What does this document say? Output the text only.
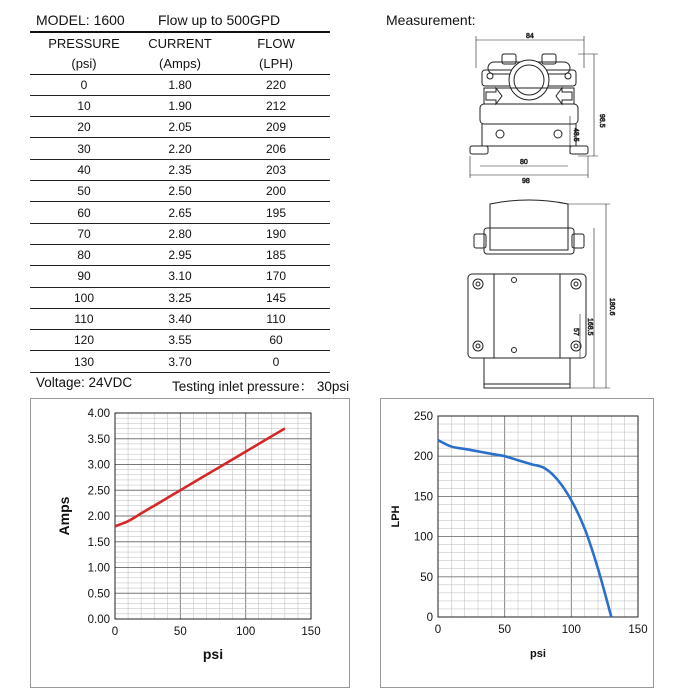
MODEL: 1600 Flow up to 500GPD	Measurement:
PRESSURE	CURRENT	FLOW
(psi)	(Amps)	(LPH)
0	1.80	220
10	1.90	212
20	2.05	209
30	2.20	206
40	2.35	203
50	2.50	200
60	2.65	195
70	2.80	190
80	2.95	185
90	3.10	170
100	3.25	145
110	3.40	110
120	3.55	60
130	3.70	0
Voltage: 24VDC	Testing inlet pressure： 30psi
84
98.5
48.5
80
98
180.6
168.5
57
0.00
0.50
1.00
1.50
2.00
2.50
3.00
3.50
4.00
0	50	100	150
psi
Amps
0
50
100
150
200
250
0	50	100	150
psi
LPH
